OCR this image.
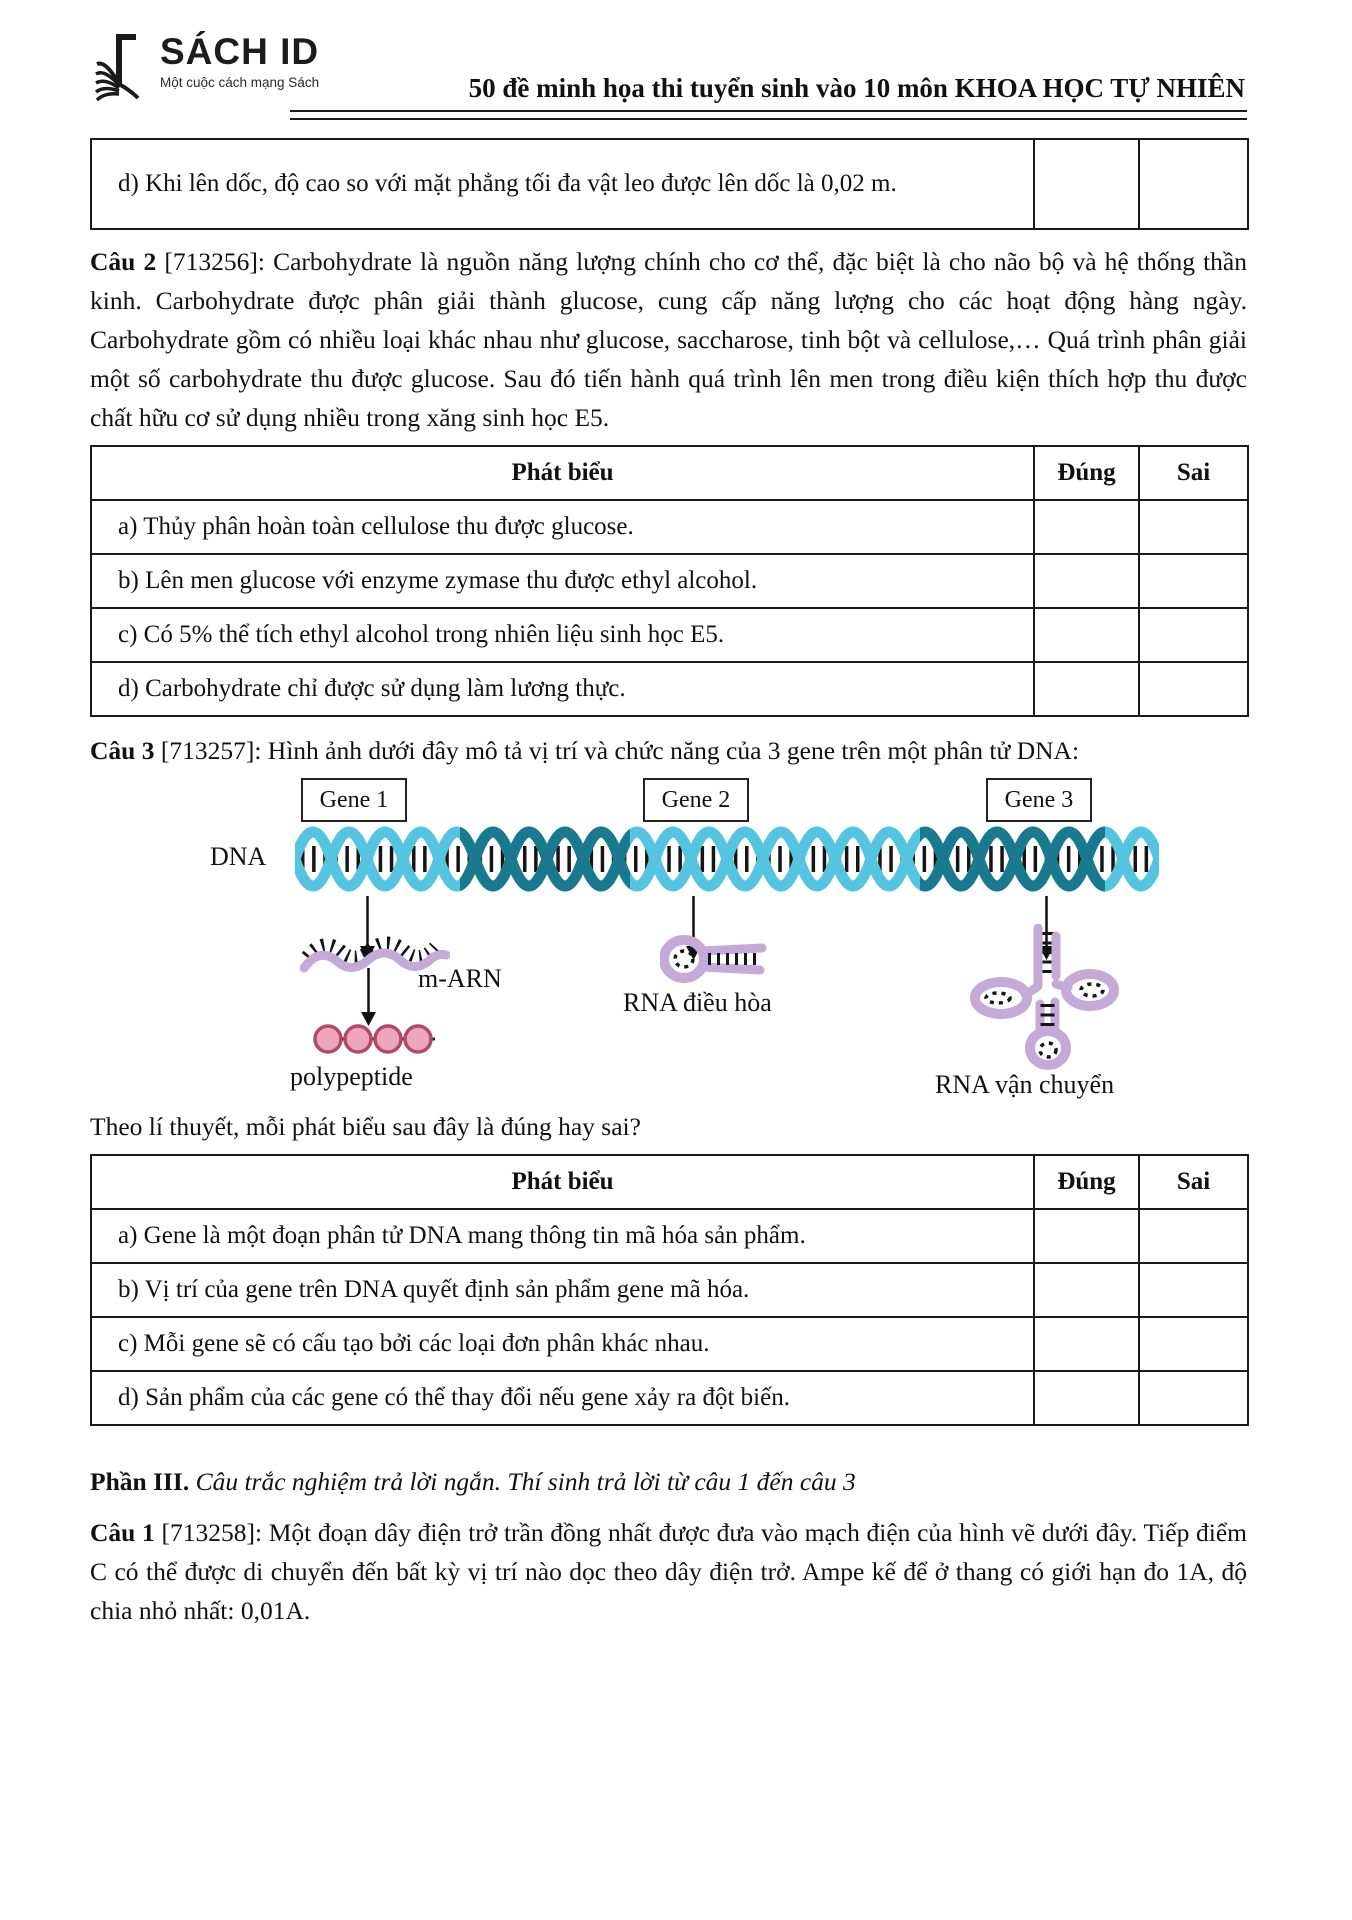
SÁCH ID
Một cuộc cách mạng Sách	50 đề minh họa thi tuyển sinh vào 10 môn KHOA HỌC TỰ NHIÊN
d) Khi lên dốc, độ cao so với mặt phẳng tối đa vật leo được lên dốc là 0,02 m.		

Câu 2 [713256]: Carbohydrate là nguồn năng lượng chính cho cơ thể, đặc biệt là cho não bộ và hệ thống thần kinh. Carbohydrate được phân giải thành glucose, cung cấp năng lượng cho các hoạt động hàng ngày. Carbohydrate gồm có nhiều loại khác nhau như glucose, saccharose, tinh bột và cellulose,… Quá trình phân giải một số carbohydrate thu được glucose. Sau đó tiến hành quá trình lên men trong điều kiện thích hợp thu được chất hữu cơ sử dụng nhiều trong xăng sinh học E5.

Phát biểu	Đúng	Sai
a) Thủy phân hoàn toàn cellulose thu được glucose.		
b) Lên men glucose với enzyme zymase thu được ethyl alcohol.		
c) Có 5% thể tích ethyl alcohol trong nhiên liệu sinh học E5.		
d) Carbohydrate chỉ được sử dụng làm lương thực.		

Câu 3 [713257]: Hình ảnh dưới đây mô tả vị trí và chức năng của 3 gene trên một phân tử DNA:

Gene 1	Gene 2	Gene 3
DNA
m-ARN
polypeptide
RNA điều hòa
RNA vận chuyển

Theo lí thuyết, mỗi phát biểu sau đây là đúng hay sai?

Phát biểu	Đúng	Sai
a) Gene là một đoạn phân tử DNA mang thông tin mã hóa sản phẩm.		
b) Vị trí của gene trên DNA quyết định sản phẩm gene mã hóa.		
c) Mỗi gene sẽ có cấu tạo bởi các loại đơn phân khác nhau.		
d) Sản phẩm của các gene có thể thay đổi nếu gene xảy ra đột biến.		

Phần III. Câu trắc nghiệm trả lời ngắn. Thí sinh trả lời từ câu 1 đến câu 3

Câu 1 [713258]: Một đoạn dây điện trở trần đồng nhất được đưa vào mạch điện của hình vẽ dưới đây. Tiếp điểm C có thể được di chuyển đến bất kỳ vị trí nào dọc theo dây điện trở. Ampe kế để ở thang có giới hạn đo 1A, độ chia nhỏ nhất: 0,01A.
